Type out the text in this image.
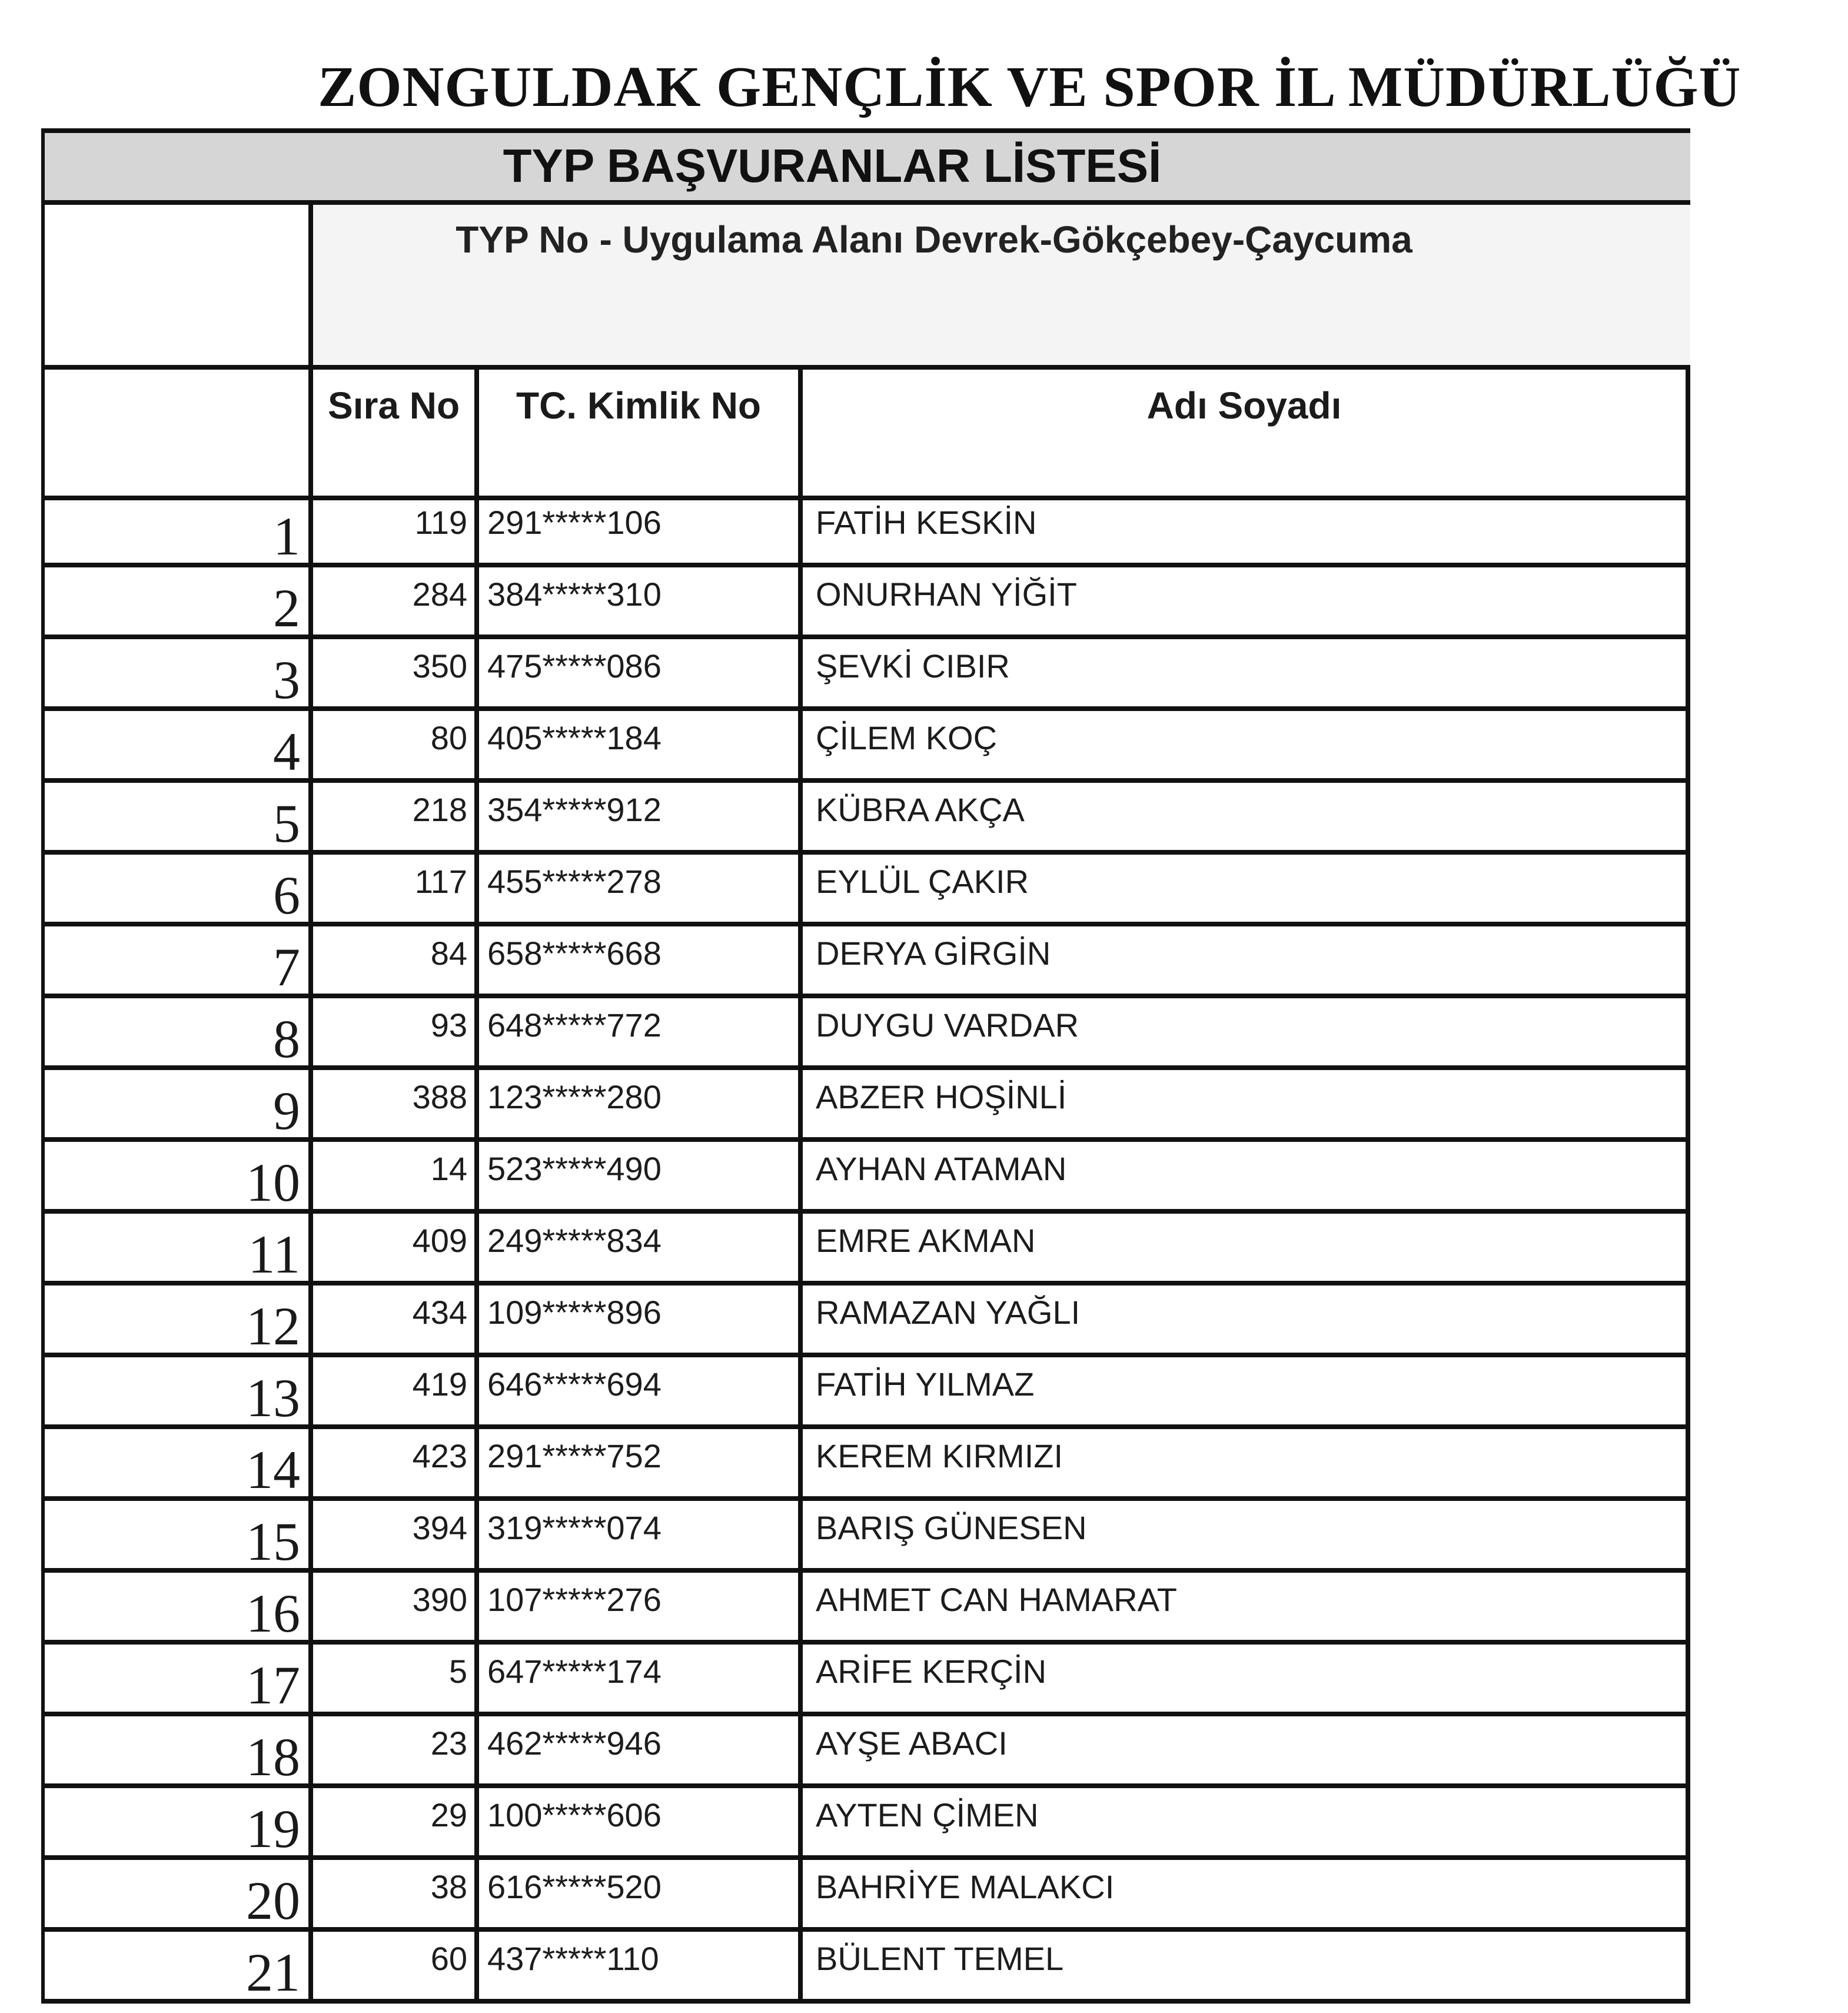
ZONGULDAK GENÇLİK VE SPOR İL MÜDÜRLÜĞÜ
TYP BAŞVURANLAR LİSTESİ
TYP No - Uygulama Alanı Devrek-Gökçebey-Çaycuma
Sıra No	TC. Kimlik No	Adı Soyadı
1	119 291*****106	FATİH KESKİN
2	284 384*****310	ONURHAN YİĞİT
3	350 475*****086	ŞEVKİ CIBIR
4	80 405*****184	ÇİLEM KOÇ
5	218 354*****912	KÜBRA AKÇA
6	117 455*****278	EYLÜL ÇAKIR
7	84 658*****668	DERYA GİRGİN
8	93 648*****772	DUYGU VARDAR
9	388 123*****280	ABZER HOŞİNLİ
10	14 523*****490	AYHAN ATAMAN
11	409 249*****834	EMRE AKMAN
12	434 109*****896	RAMAZAN YAĞLI
13	419 646*****694	FATİH YILMAZ
14	423 291*****752	KEREM KIRMIZI
15	394 319*****074	BARIŞ GÜNESEN
16	390 107*****276	AHMET CAN HAMARAT
17	5 647*****174	ARİFE KERÇİN
18	23 462*****946	AYŞE ABACI
19	29 100*****606	AYTEN ÇİMEN
20	38 616*****520	BAHRİYE MALAKCI
21	60 437*****110	BÜLENT TEMEL
